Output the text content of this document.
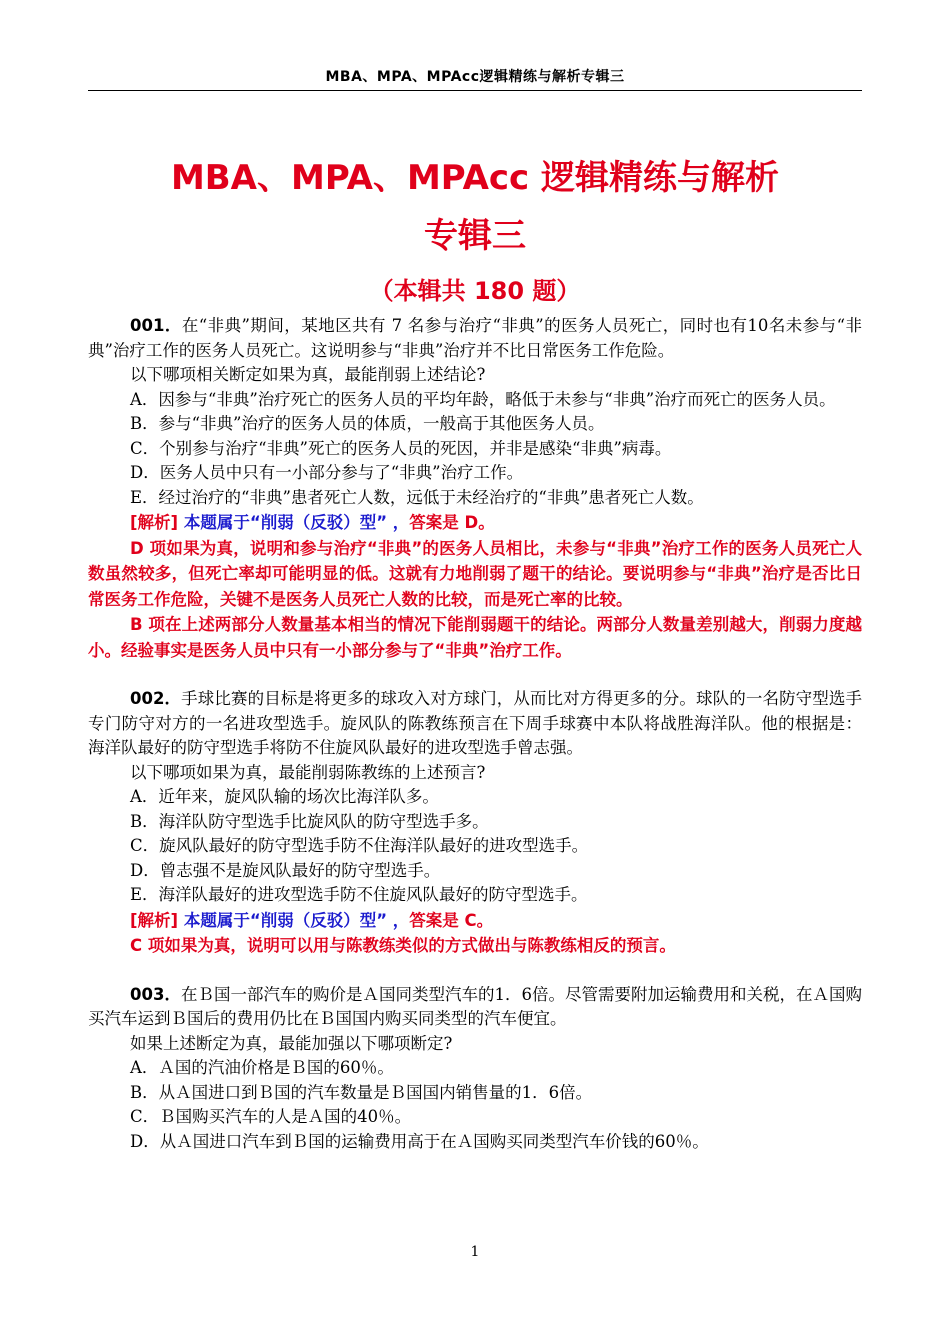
MBA、MPA、MPAcc逻辑精练与解析专辑三
MBA、MPA、MPAcc 逻辑精练与解析
专辑三
（本辑共 180 题）

001．在“非典”期间，某地区共有 7 名参与治疗“非典”的医务人员死亡，同时也有10名未参与“非典”治疗工作的医务人员死亡。这说明参与“非典”治疗并不比日常医务工作危险。

以下哪项相关断定如果为真，最能削弱上述结论?

A．因参与“非典”治疗死亡的医务人员的平均年龄，略低于未参与“非典”治疗而死亡的医务人员。

B．参与“非典”治疗的医务人员的体质，一般高于其他医务人员。

C．个别参与治疗“非典”死亡的医务人员的死因，并非是感染“非典”病毒。

D．医务人员中只有一小部分参与了“非典”治疗工作。

E．经过治疗的“非典”患者死亡人数，远低于未经治疗的“非典”患者死亡人数。

[解析] 本题属于“削弱（反驳）型” ，答案是 D。

D 项如果为真，说明和参与治疗“非典”的医务人员相比，未参与“非典”治疗工作的医务人员死亡人数虽然较多，但死亡率却可能明显的低。这就有力地削弱了题干的结论。要说明参与“非典”治疗是否比日常医务工作危险，关键不是医务人员死亡人数的比较，而是死亡率的比较。

B 项在上述两部分人数量基本相当的情况下能削弱题干的结论。两部分人数量差别越大，削弱力度越小。经验事实是医务人员中只有一小部分参与了“非典”治疗工作。

002．手球比赛的目标是将更多的球攻入对方球门，从而比对方得更多的分。球队的一名防守型选手专门防守对方的一名进攻型选手。旋风队的陈教练预言在下周手球赛中本队将战胜海洋队。他的根据是：海洋队最好的防守型选手将防不住旋风队最好的进攻型选手曾志强。

以下哪项如果为真，最能削弱陈教练的上述预言?

A．近年来，旋风队输的场次比海洋队多。

B．海洋队防守型选手比旋风队的防守型选手多。

C．旋风队最好的防守型选手防不住海洋队最好的进攻型选手。

D．曾志强不是旋风队最好的防守型选手。

E．海洋队最好的进攻型选手防不住旋风队最好的防守型选手。

[解析] 本题属于“削弱（反驳）型” ，答案是 C。

C 项如果为真，说明可以用与陈教练类似的方式做出与陈教练相反的预言。

003．在Ｂ国一部汽车的购价是Ａ国同类型汽车的1．6倍。尽管需要附加运输费用和关税，在Ａ国购买汽车运到Ｂ国后的费用仍比在Ｂ国国内购买同类型的汽车便宜。

如果上述断定为真，最能加强以下哪项断定?

A．Ａ国的汽油价格是Ｂ国的60％。

B．从Ａ国进口到Ｂ国的汽车数量是Ｂ国国内销售量的1．6倍。

C．Ｂ国购买汽车的人是Ａ国的40％。

D．从Ａ国进口汽车到Ｂ国的运输费用高于在Ａ国购买同类型汽车价钱的60％。

1
